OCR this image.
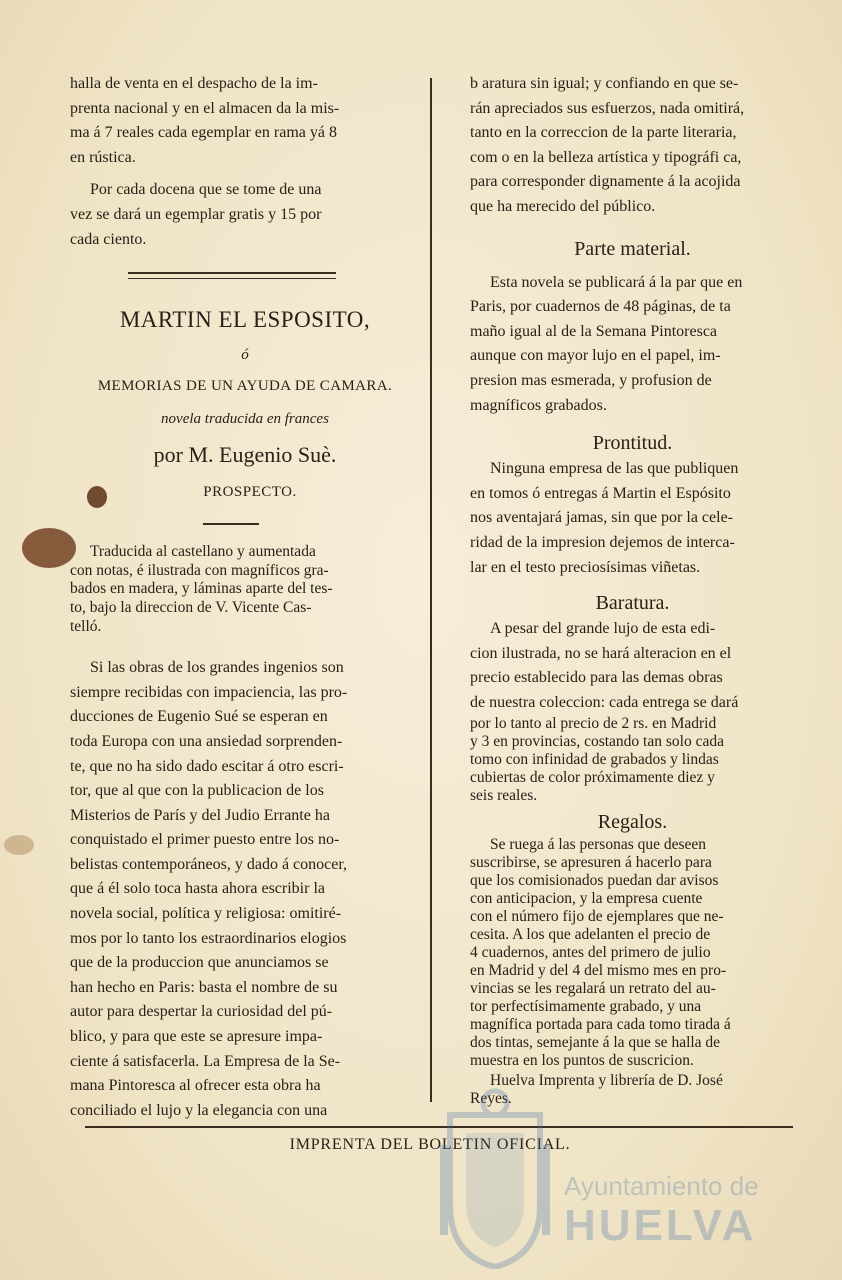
halla de venta en el despacho de la im-

prenta nacional y en el almacen da la mis-

ma á 7 reales cada egemplar en rama yá 8

en rústica.

Por cada docena que se tome de una

vez se dará un egemplar gratis y 15 por

cada ciento.

MARTIN EL ESPOSITO,
ó
MEMORIAS DE UN AYUDA DE CAMARA.
novela traducida en frances
por M. Eugenio Suè.
PROSPECTO.

Traducida al castellano y aumentada

con notas, é ilustrada con magníficos gra-

bados en madera, y láminas aparte del tes-

to, bajo la direccion de V. Vicente Cas-

telló.

Si las obras de los grandes ingenios son

siempre recibidas con impaciencia, las pro-

ducciones de Eugenio Sué se esperan en

toda Europa con una ansiedad sorprenden-

te, que no ha sido dado escitar á otro escri-

tor, que al que con la publicacion de los

Misterios de París y del Judio Errante ha

conquistado el primer puesto entre los no-

belistas contemporáneos, y dado á conocer,

que á él solo toca hasta ahora escribir la

novela social, política y religiosa: omitiré-

mos por lo tanto los estraordinarios elogios

que de la produccion que anunciamos se

han hecho en Paris: basta el nombre de su

autor para despertar la curiosidad del pú-

blico, y para que este se apresure impa-

ciente á satisfacerla. La Empresa de la Se-

mana Pintoresca al ofrecer esta obra ha

conciliado el lujo y la elegancia con una

b aratura sin igual; y confiando en que se-

rán apreciados sus esfuerzos, nada omitirá,

tanto en la correccion de la parte literaria,

com o en la belleza artística y tipográfi ca,

para corresponder dignamente á la acojida

que ha merecido del público.

Parte material.

Esta novela se publicará á la par que en

Paris, por cuadernos de 48 páginas, de ta

maño igual al de la Semana Pintoresca

aunque con mayor lujo en el papel, im-

presion mas esmerada, y profusion de

magníficos grabados.

Prontitud.

Ninguna empresa de las que publiquen

en tomos ó entregas á Martin el Espósito

nos aventajará jamas, sin que por la cele-

ridad de la impresion dejemos de intercа-

lar en el testo preciosísimas viñetas.

Baratura.

A pesar del grande lujo de esta edi-

cion ilustrada, no se hará alteracion en el

precio establecido para las demas obras

de nuestra coleccion: cada entrega se dará

por lo tanto al precio de 2 rs. en Madrid

y 3 en provincias, costando tan solo cada

tomo con infinidad de grabados y lindas

cubiertas de color próximamente diez y

seis reales.

Regalos.

Se ruega á las personas que deseen

suscribirse, se apresuren á hacerlo para

que los comisionados puedan dar avisos

con anticipacion, y la empresa cuente

con el número fijo de ejemplares que ne-

cesita. A los que adelanten el precio de

4 cuadernos, antes del primero de julio

en Madrid y del 4 del mismo mes en pro-

vincias se les regalará un retrato del au-

tor perfectísimamente grabado, y una

magnífica portada para cada tomo tirada á

dos tintas, semejante á la que se halla de

muestra en los puntos de suscricion.

Huelva Imprenta y librería de D. José

Reyes.

IMPRENTA DEL BOLETIN OFICIAL.
Ayuntamiento de
HUELVA
